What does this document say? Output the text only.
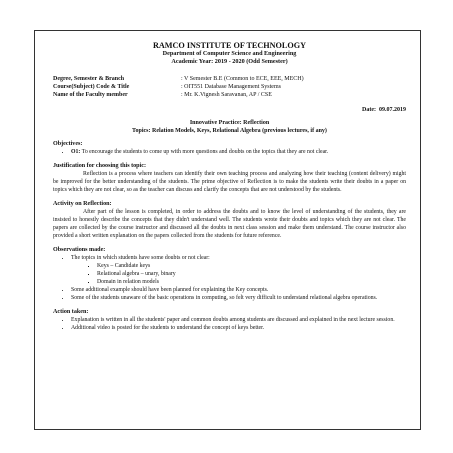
RAMCO INSTITUTE OF TECHNOLOGY
Department of Computer Science and Engineering
Academic Year: 2019 - 2020 (Odd Semester)
Degree, Semester & Branch	: V Semester B.E (Common to ECE, EEE, MECH)
Course(Subject) Code & Title	: OIT551 Database Management Systems
Name of the Faculty member	: Mr. K.Vignesh Saravanan, AP / CSE
Date: 09.07.2019
Innovative Practice: Reflection
Topics: Relation Models, Keys, Relational Algebra (previous lectures, if any)
Objectives:
• O1: To encourage the students to come up with more questions and doubts on the topics that they are not clear.
Justification for choosing this topic:

Reflection is a process where teachers can identify their own teaching process and analyzing how their teaching (content delivery) might be improved for the better understanding of the students. The prime objective of Reflection is to make the students write their doubts in a paper on topics which they are not clear, so as the teacher can discuss and clarify the concepts that are not understood by the students.

Activity on Reflection:

After part of the lesson is completed, in order to address the doubts and to know the level of understanding of the students, they are insisted to honestly describe the concepts that they didn't understand well. The students wrote their doubts and topics which they are not clear. The papers are collected by the course instructor and discussed all the doubts in next class session and make them understand. The course instructor also provided a short written explanation on the papers collected from the students for future reference.

Observations made:
• The topics in which students have some doubts or not clear:
▪ Keys – Candidate keys
▪ Relational algebra – unary, binary
▪ Domain in relation models
• Some additional example should have been planned for explaining the Key concepts.
• Some of the students unaware of the basic operations in computing, so felt very difficult to understand relational algebra operations.
Action taken:
• Explanation is written in all the students' paper and common doubts among students are discussed and explained in the next lecture session.
• Additional video is posted for the students to understand the concept of keys better.
